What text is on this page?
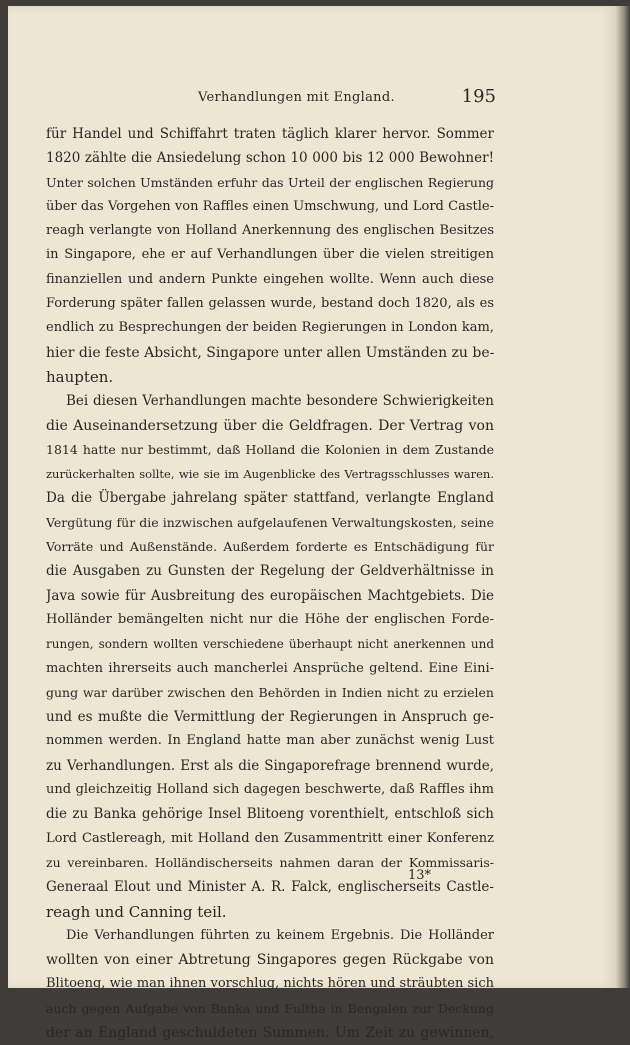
Verhandlungen mit England.	195
für Handel und Schiffahrt traten täglich klarer hervor. Sommer
1820 zählte die Ansiedelung schon 10 000 bis 12 000 Bewohner!
Unter solchen Umständen erfuhr das Urteil der englischen Regierung
über das Vorgehen von Raffles einen Umschwung, und Lord Castle-
reagh verlangte von Holland Anerkennung des englischen Besitzes
in Singapore, ehe er auf Verhandlungen über die vielen streitigen
finanziellen und andern Punkte eingehen wollte. Wenn auch diese
Forderung später fallen gelassen wurde, bestand doch 1820, als es
endlich zu Besprechungen der beiden Regierungen in London kam,
hier die feste Absicht, Singapore unter allen Umständen zu be-
haupten.
Bei diesen Verhandlungen machte besondere Schwierigkeiten
die Auseinandersetzung über die Geldfragen. Der Vertrag von
1814 hatte nur bestimmt, daß Holland die Kolonien in dem Zustande
zurückerhalten sollte, wie sie im Augenblicke des Vertragsschlusses waren.
Da die Übergabe jahrelang später stattfand, verlangte England
Vergütung für die inzwischen aufgelaufenen Verwaltungskosten, seine
Vorräte und Außenstände. Außerdem forderte es Entschädigung für
die Ausgaben zu Gunsten der Regelung der Geldverhältnisse in
Java sowie für Ausbreitung des europäischen Machtgebiets. Die
Holländer bemängelten nicht nur die Höhe der englischen Forde-
rungen, sondern wollten verschiedene überhaupt nicht anerkennen und
machten ihrerseits auch mancherlei Ansprüche geltend. Eine Eini-
gung war darüber zwischen den Behörden in Indien nicht zu erzielen
und es mußte die Vermittlung der Regierungen in Anspruch ge-
nommen werden. In England hatte man aber zunächst wenig Lust
zu Verhandlungen. Erst als die Singaporefrage brennend wurde,
und gleichzeitig Holland sich dagegen beschwerte, daß Raffles ihm
die zu Banka gehörige Insel Blitoeng vorenthielt, entschloß sich
Lord Castlereagh, mit Holland den Zusammentritt einer Konferenz
zu vereinbaren. Holländischerseits nahmen daran der Kommissaris-
Generaal Elout und Minister A. R. Falck, englischerseits Castle-
reagh und Canning teil.
Die Verhandlungen führten zu keinem Ergebnis. Die Holländer
wollten von einer Abtretung Singapores gegen Rückgabe von
Blitoeng, wie man ihnen vorschlug, nichts hören und sträubten sich
auch gegen Aufgabe von Banka und Fultha in Bengalen zur Deckung
der an England geschuldeten Summen. Um Zeit zu gewinnen,
13*
